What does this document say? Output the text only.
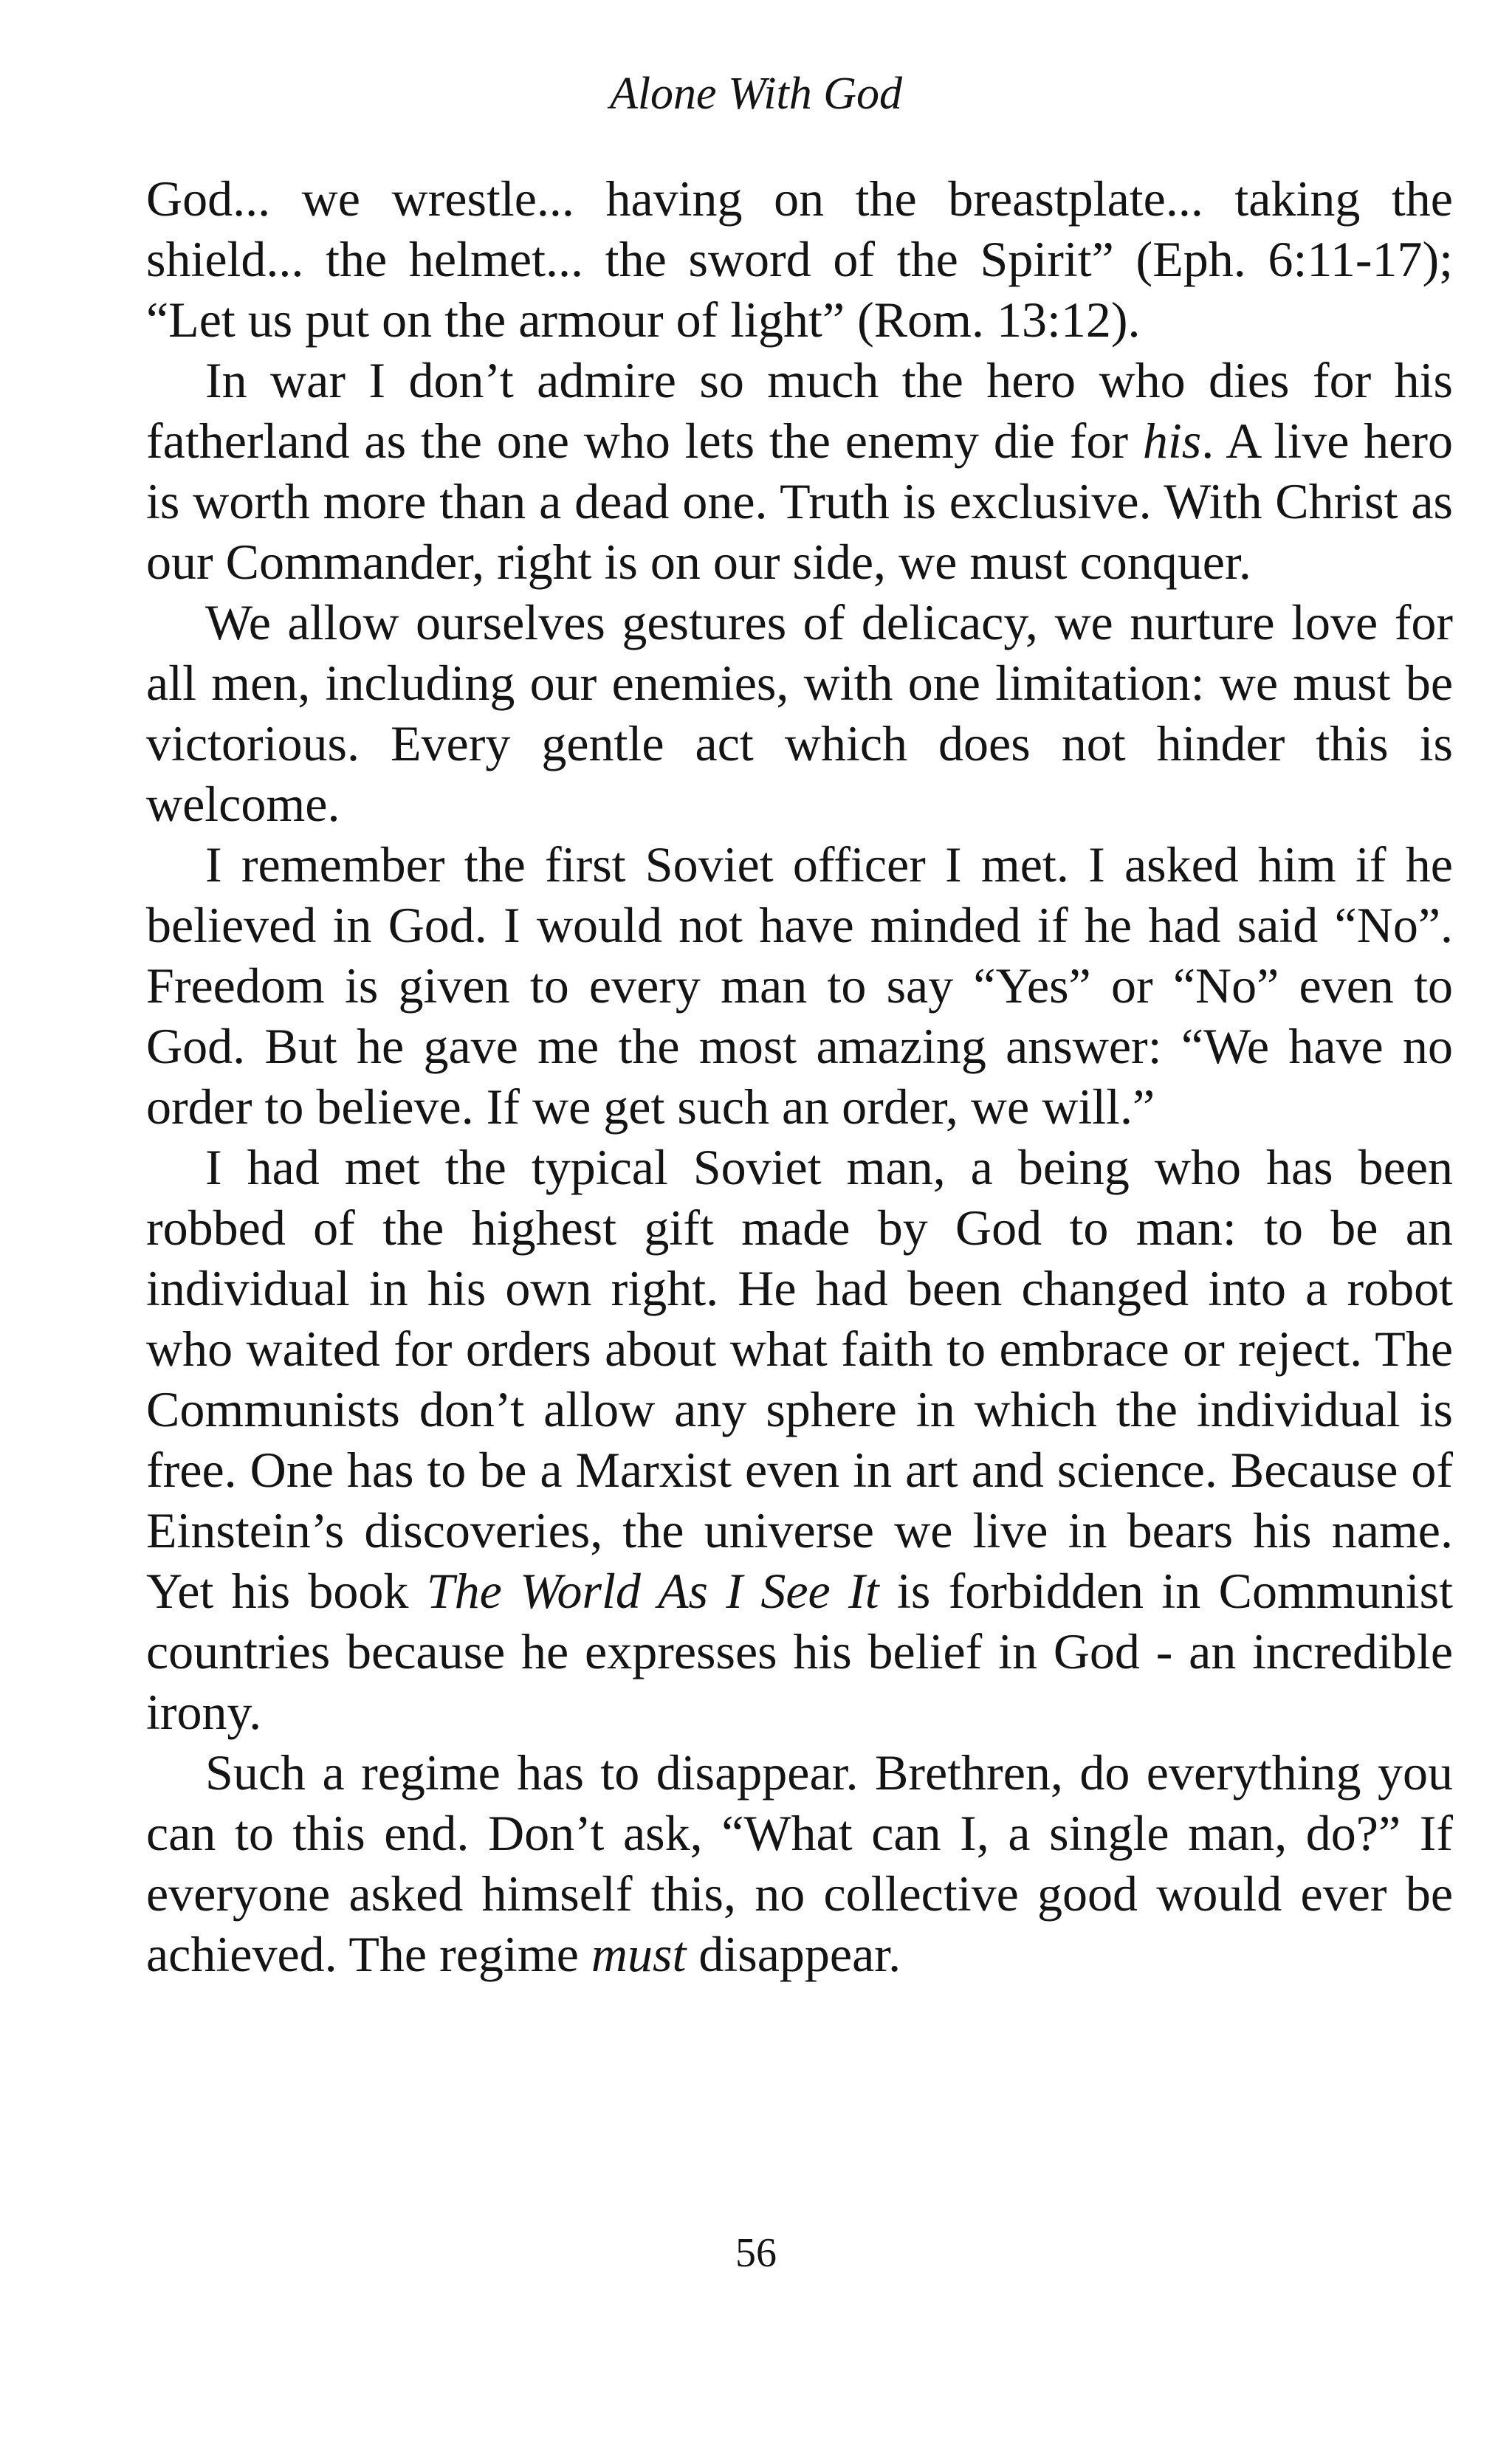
Alone With God

God... we wrestle... having on the breastplate... taking the shield... the helmet... the sword of the Spirit” (Eph. 6:11-17); “Let us put on the armour of light” (Rom. 13:12).

In war I don’t admire so much the hero who dies for his fatherland as the one who lets the enemy die for his. A live hero is worth more than a dead one. Truth is exclusive. With Christ as our Commander, right is on our side, we must conquer.

We allow ourselves gestures of delicacy, we nurture love for all men, including our enemies, with one limitation: we must be victorious. Every gentle act which does not hinder this is welcome.

I remember the first Soviet officer I met. I asked him if he believed in God. I would not have minded if he had said “No”. Freedom is given to every man to say “Yes” or “No” even to God. But he gave me the most amazing answer: “We have no order to believe. If we get such an order, we will.”

I had met the typical Soviet man, a being who has been robbed of the highest gift made by God to man: to be an individual in his own right. He had been changed into a robot who waited for orders about what faith to embrace or reject. The Communists don’t allow any sphere in which the individual is free. One has to be a Marxist even in art and science. Because of Einstein’s discoveries, the universe we live in bears his name. Yet his book The World As I See It is forbidden in Communist countries because he expresses his belief in God - an incredible irony.

Such a regime has to disappear. Brethren, do everything you can to this end. Don’t ask, “What can I, a single man, do?” If everyone asked himself this, no collective good would ever be achieved. The regime must disappear.

56
